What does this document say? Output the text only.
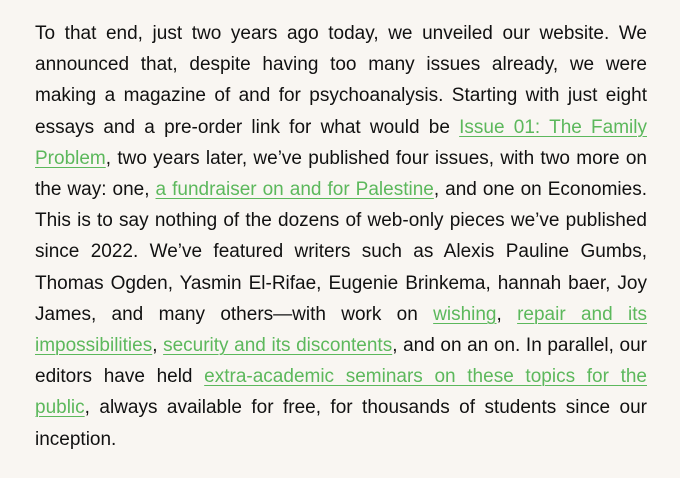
To that end, just two years ago today, we unveiled our website. We announced that, despite having too many issues already, we were making a magazine of and for psychoanalysis. Starting with just eight essays and a pre-order link for what would be Issue 01: The Family Problem, two years later, we’ve published four issues, with two more on the way: one, a fundraiser on and for Palestine, and one on Economies. This is to say nothing of the dozens of web-only pieces we’ve published since 2022. We’ve featured writers such as Alexis Pauline Gumbs, Thomas Ogden, Yasmin El-Rifae, Eugenie Brinkema, hannah baer, Joy James, and many others—with work on wishing, repair and its impossibilities, security and its discontents, and on an on. In parallel, our editors have held extra-academic seminars on these topics for the public, always available for free, for thousands of students since our inception.
